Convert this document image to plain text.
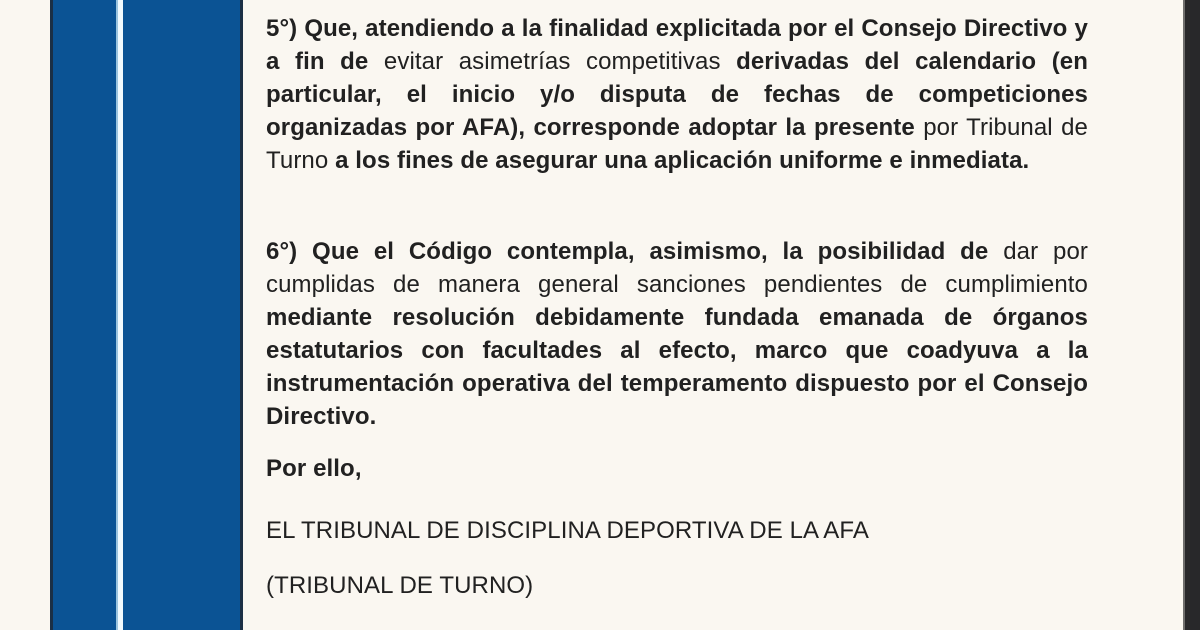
5°) Que, atendiendo a la finalidad explicitada por el Consejo Directivo y a fin de evitar asimetrías competitivas derivadas del calendario (en particular, el inicio y/o disputa de fechas de competiciones organizadas por AFA), corresponde adoptar la presente por Tribunal de Turno a los fines de asegurar una aplicación uniforme e inmediata.
6°) Que el Código contempla, asimismo, la posibilidad de dar por cumplidas de manera general sanciones pendientes de cumplimiento mediante resolución debidamente fundada emanada de órganos estatutarios con facultades al efecto, marco que coadyuva a la instrumentación operativa del temperamento dispuesto por el Consejo Directivo.
Por ello,
EL TRIBUNAL DE DISCIPLINA DEPORTIVA DE LA AFA
(TRIBUNAL DE TURNO)
